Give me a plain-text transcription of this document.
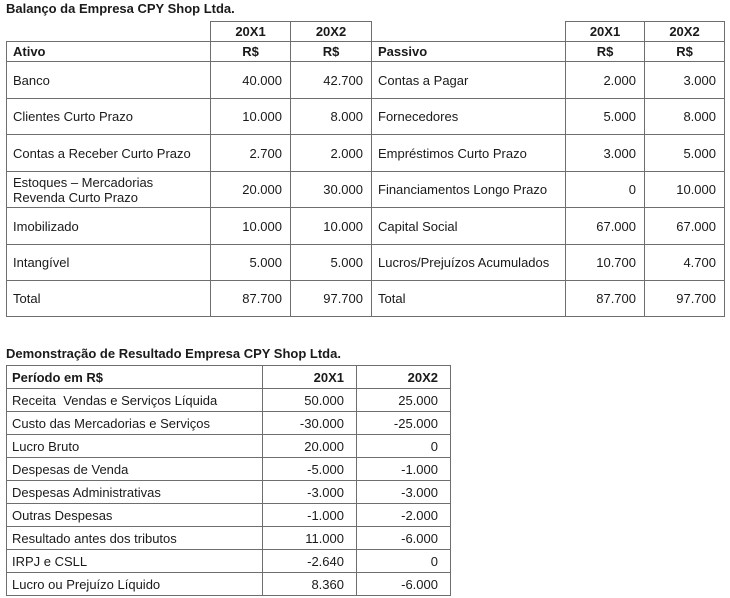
Balanço da Empresa CPY Shop Ltda.
	20X1	20X2		20X1	20X2
Ativo	R$	R$	Passivo	R$	R$
Banco	40.000	42.700	Contas a Pagar	2.000	3.000
Clientes Curto Prazo	10.000	8.000	Fornecedores	5.000	8.000
Contas a Receber Curto Prazo	2.700	2.000	Empréstimos Curto Prazo	3.000	5.000
Estoques – Mercadorias Revenda Curto Prazo	20.000	30.000	Financiamentos Longo Prazo	0	10.000
Imobilizado	10.000	10.000	Capital Social	67.000	67.000
Intangível	5.000	5.000	Lucros/Prejuízos Acumulados	10.700	4.700
Total	87.700	97.700	Total	87.700	97.700
Demonstração de Resultado Empresa CPY Shop Ltda.
Período em R$	20X1	20X2
Receita  Vendas e Serviços Líquida	50.000	25.000
Custo das Mercadorias e Serviços	-30.000	-25.000
Lucro Bruto	20.000	0
Despesas de Venda	-5.000	-1.000
Despesas Administrativas	-3.000	-3.000
Outras Despesas	-1.000	-2.000
Resultado antes dos tributos	11.000	-6.000
IRPJ e CSLL	-2.640	0
Lucro ou Prejuízo Líquido	8.360	-6.000
